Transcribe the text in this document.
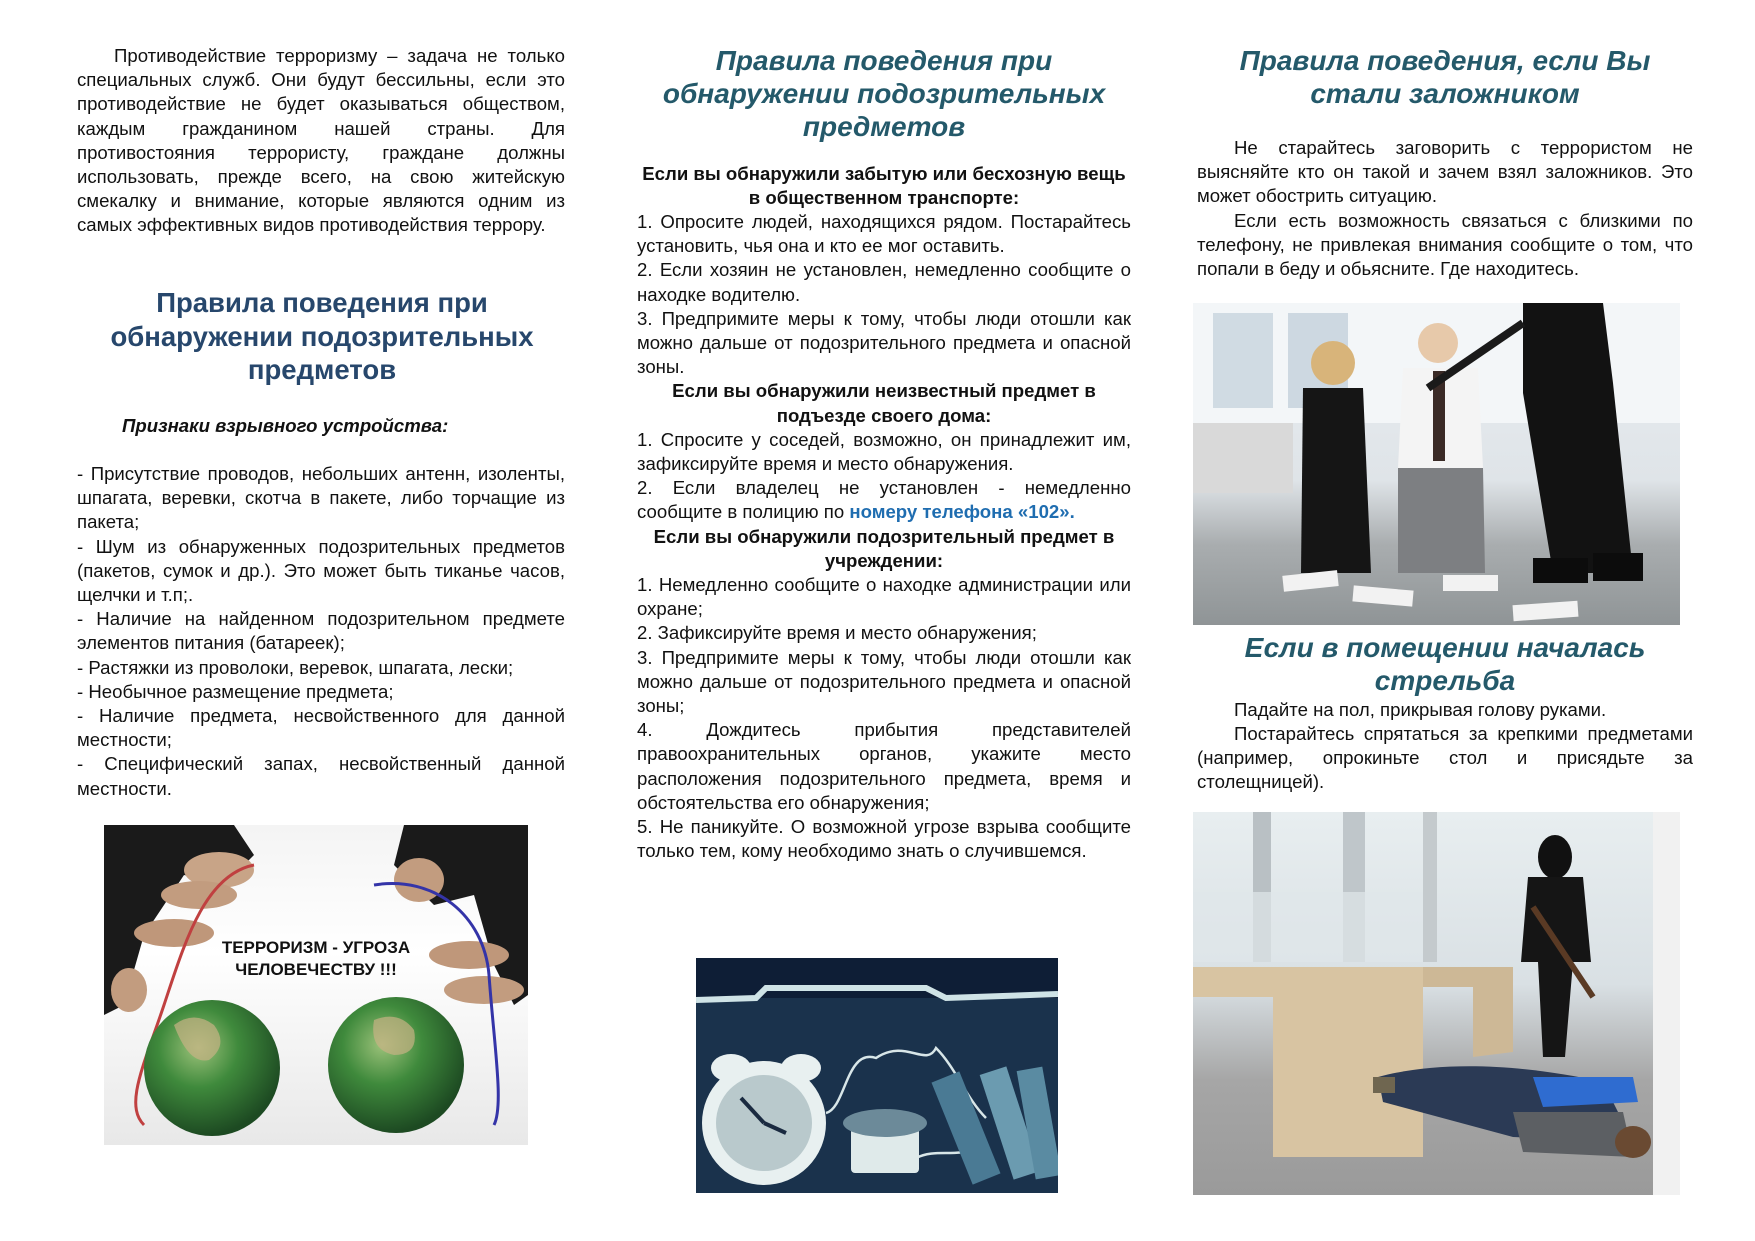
Противодействие терроризму – задача не только специальных служб. Они будут бессильны, если это противодействие не будет оказываться обществом, каждым гражданином нашей страны. Для противостояния террористу, граждане должны использовать, прежде всего, на свою житейскую смекалку и внимание, которые являются одним из самых эффективных видов противодействия террору.

Правила поведения при обнаружении подозрительных предметов

Признаки взрывного устройства:

- Присутствие проводов, небольших антенн, изоленты, шпагата, веревки, скотча в пакете, либо торчащие из пакета;

- Шум из обнаруженных подозрительных предметов (пакетов, сумок и др.). Это может быть тиканье часов, щелчки и т.п;.

- Наличие на найденном подозрительном предмете элементов питания (батареек);

- Растяжки из проволоки, веревок, шпагата, лески;

- Необычное размещение предмета;

- Наличие предмета, несвойственного для данной местности;

- Специфический запах, несвойственный данной местности.

ТЕРРОРИЗМ - УГРОЗА
ЧЕЛОВЕЧЕСТВУ !!!
Правила поведения при обнаружении подозрительных предметов

Если вы обнаружили забытую или бесхозную вещь в общественном транспорте:

1. Опросите людей, находящихся рядом. Постарайтесь установить, чья она и кто ее мог оставить.

2. Если хозяин не установлен, немедленно сообщите о находке водителю.

3. Предпримите меры к тому, чтобы люди отошли как можно дальше от подозрительного предмета и опасной зоны.

Если вы обнаружили неизвестный предмет в подъезде своего дома:

1. Спросите у соседей, возможно, он принадлежит им, зафиксируйте время и место обнаружения.

2. Если владелец не установлен - немедленно сообщите в полицию по номеру телефона «102».

Если вы обнаружили подозрительный предмет в учреждении:

1. Немедленно сообщите о находке администрации или охране;

2. Зафиксируйте время и место обнаружения;

3. Предпримите меры к тому, чтобы люди отошли как можно дальше от подозрительного предмета и опасной зоны;

4. Дождитесь прибытия представителей правоохранительных органов, укажите место расположения подозрительного предмета, время и обстоятельства его обнаружения;

5. Не паникуйте. О возможной угрозе взрыва сообщите только тем, кому необходимо знать о случившемся.

Правила поведения, если Вы стали заложником

Не старайтесь заговорить с террористом не выясняйте кто он такой и зачем взял заложников. Это может обострить ситуацию.

Если есть возможность связаться с близкими по телефону, не привлекая внимания сообщите о том, что попали в беду и обьясните. Где находитесь.

Если в помещении началась стрельба

Падайте на пол, прикрывая голову руками.

Постарайтесь спрятаться за крепкими предметами (например, опрокиньте стол и присядьте за столещницей).
